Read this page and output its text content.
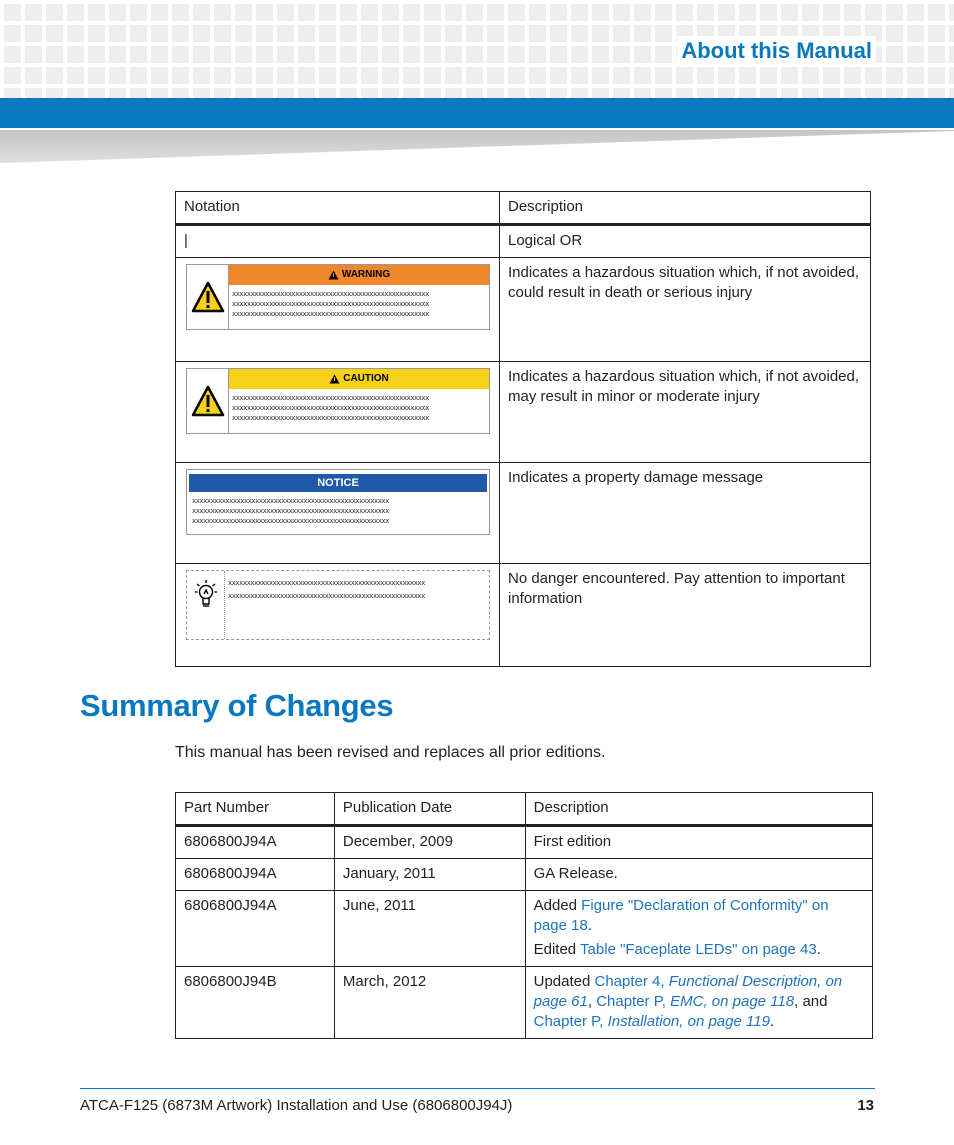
About this Manual
Notation	Description
|	Logical OR

WARNING
xxxxxxxxxxxxxxxxxxxxxxxxxxxxxxxxxxxxxxxxxxxxxxxxxxxxx
xxxxxxxxxxxxxxxxxxxxxxxxxxxxxxxxxxxxxxxxxxxxxxxxxxxxx
xxxxxxxxxxxxxxxxxxxxxxxxxxxxxxxxxxxxxxxxxxxxxxxxxxxxx	Indicates a hazardous situation which, if not avoided, could result in death or serious injury

CAUTION
xxxxxxxxxxxxxxxxxxxxxxxxxxxxxxxxxxxxxxxxxxxxxxxxxxxxx
xxxxxxxxxxxxxxxxxxxxxxxxxxxxxxxxxxxxxxxxxxxxxxxxxxxxx
xxxxxxxxxxxxxxxxxxxxxxxxxxxxxxxxxxxxxxxxxxxxxxxxxxxxx	Indicates a hazardous situation which, if not avoided, may result in minor or moderate injury

NOTICE
xxxxxxxxxxxxxxxxxxxxxxxxxxxxxxxxxxxxxxxxxxxxxxxxxxxxx
xxxxxxxxxxxxxxxxxxxxxxxxxxxxxxxxxxxxxxxxxxxxxxxxxxxxx
xxxxxxxxxxxxxxxxxxxxxxxxxxxxxxxxxxxxxxxxxxxxxxxxxxxxx	Indicates a property damage message

xxxxxxxxxxxxxxxxxxxxxxxxxxxxxxxxxxxxxxxxxxxxxxxxxxxxx
xxxxxxxxxxxxxxxxxxxxxxxxxxxxxxxxxxxxxxxxxxxxxxxxxxxxx	No danger encountered. Pay attention to important information
Summary of Changes
This manual has been revised and replaces all prior editions.
Part Number	Publication Date	Description
6806800J94A	December, 2009	First edition
6806800J94A	January, 2011	GA Release.
6806800J94A	June, 2011	Added Figure "Declaration of Conformity" on page 18.
Edited Table "Faceplate LEDs" on page 43.

6806800J94B	March, 2012	Updated Chapter 4, Functional Description, on page 61, Chapter P, EMC, on page 118, and Chapter P, Installation, on page 119.
ATCA-F125 (6873M Artwork) Installation and Use (6806800J94J)	13
